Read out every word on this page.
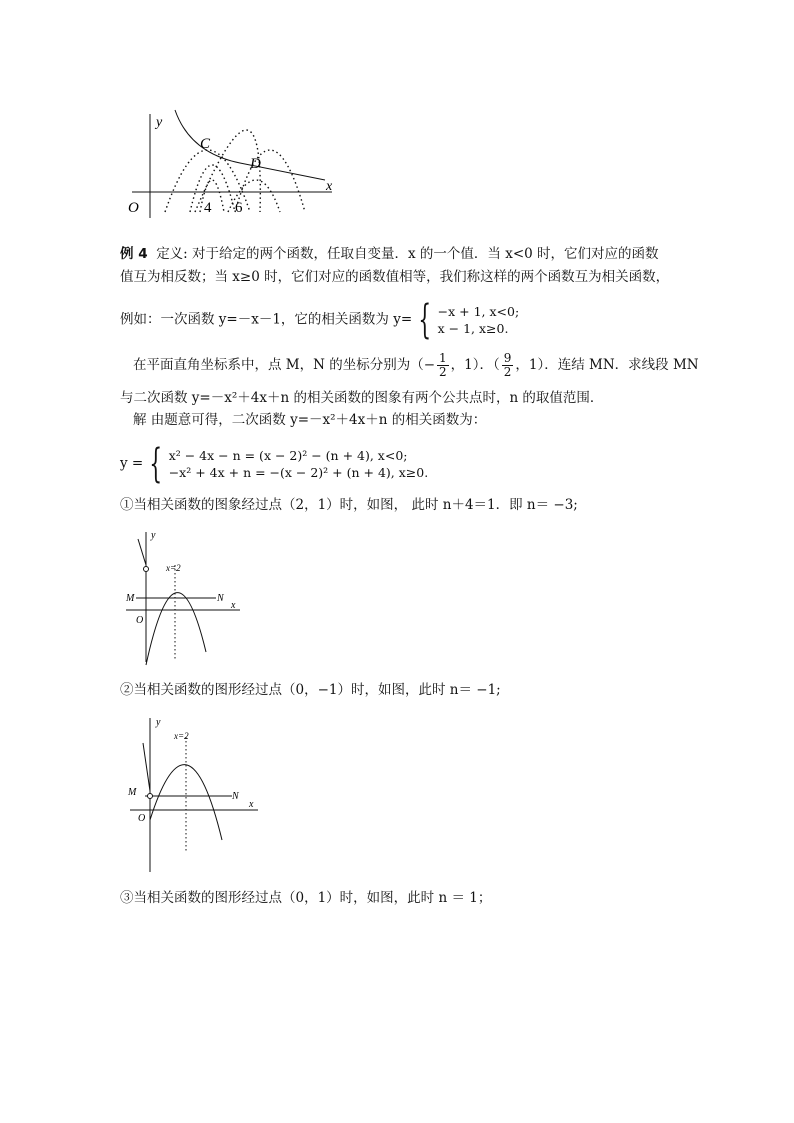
y
x
O
C
D
4 6
例 4 定义: 对于给定的两个函数，任取自变量．x 的一个值．当 x<0 时，它们对应的函数
值互为相反数；当 x≥0 时，它们对应的函数值相等，我们称这样的两个函数互为相关函数，
例如：一次函数 y=－x－1，它的相关函数为 y= { −x + 1, x<0;
x − 1, x≥0.
在平面直角坐标系中，点 M，N 的坐标分别为（− $\frac{1}{2}$ ，1）．（ $\frac{9}{2}$ ，1）．连结 MN．求线段 MN
与二次函数 y=－x²＋4x＋n 的相关函数的图象有两个公共点时，n 的取值范围．
解 由题意可得，二次函数 y=－x²＋4x＋n 的相关函数为：
y = { x² − 4x − n = (x − 2)² − (n + 4), x<0;
−x² + 4x + n = −(x − 2)² + (n + 4), x≥0.
①当相关函数的图象经过点（2，1）时，如图， 此时 n＋4＝1．即 n＝ −3;
y
x
O
M	N
x=2
②当相关函数的图形经过点（0，−1）时，如图，此时 n＝ −1;
y
x
O
M	N
x=2
③当相关函数的图形经过点（0，1）时，如图，此时 n ＝ 1；
